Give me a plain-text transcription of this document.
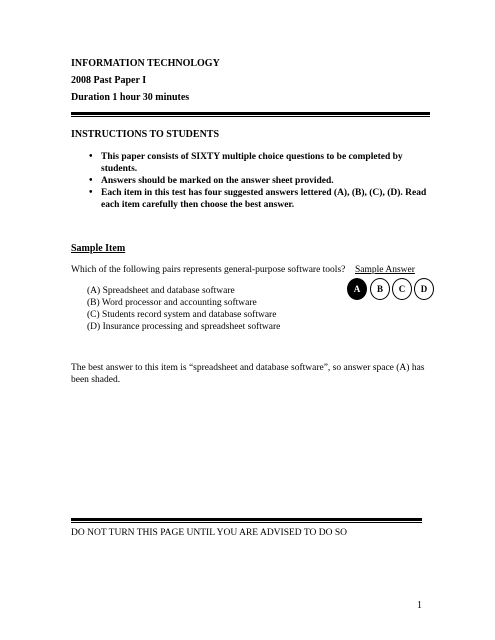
INFORMATION TECHNOLOGY
2008 Past Paper I
Duration 1 hour 30 minutes
INSTRUCTIONS TO STUDENTS
• This paper consists of SIXTY multiple choice questions to be completed by students.
• Answers should be marked on the answer sheet provided.
• Each item in this test has four suggested answers lettered (A), (B), (C), (D). Read each item carefully then choose the best answer.
Sample Item
Which of the following pairs represents general-purpose software tools? Sample Answer
(A) Spreadsheet and database software
(B) Word processor and accounting software
(C) Students record system and database software
(D) Insurance processing and spreadsheet software
A	B	C	D
The best answer to this item is “spreadsheet and database software”, so answer space (A) has been shaded.
DO NOT TURN THIS PAGE UNTIL YOU ARE ADVISED TO DO SO
1
